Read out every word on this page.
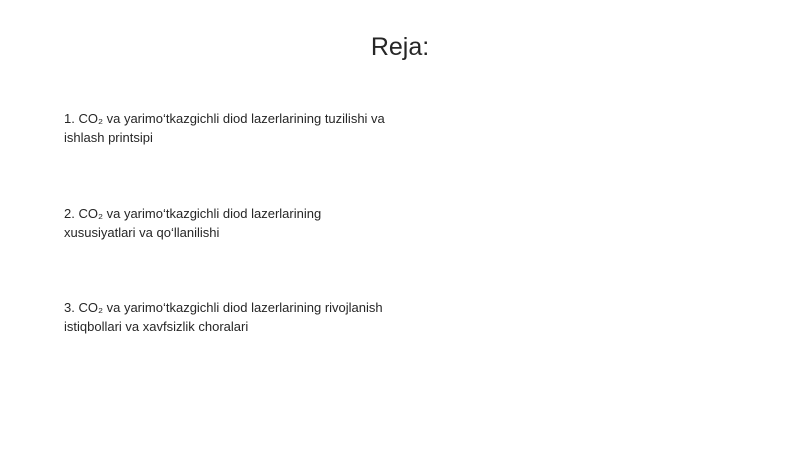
Reja:
1. CO₂ va yarimo‘tkazgichli diod lazerlarining tuzilishi va
ishlash printsipi
2. CO₂ va yarimo‘tkazgichli diod lazerlarining
xususiyatlari va qo‘llanilishi
3. CO₂ va yarimo‘tkazgichli diod lazerlarining rivojlanish
istiqbollari va xavfsizlik choralari
